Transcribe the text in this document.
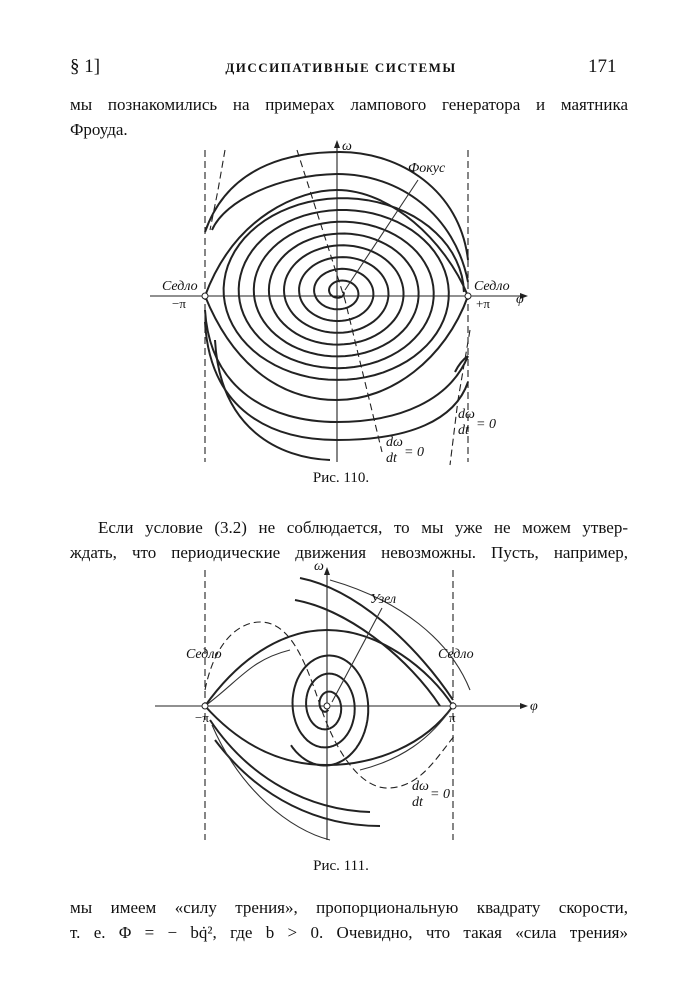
§ 1]	ДИССИПАТИВНЫЕ СИСТЕМЫ	171

мы познакомились на примерах лампового генератора и маятника

Фроуда.

ω
φ
Фокус
Седло
−π
Седло
+π
dω
dt = 0
dω
dt = 0
Рис. 110.

Если условие (3.2) не соблюдается, то мы уже не можем утвер-

ждать, что периодические движения невозможны. Пусть, например,

ω
φ
Узел
Седло	Седло
−π	π
dω
dt
= 0
Рис. 111.

мы имеем «силу трения», пропорциональную квадрату скорости,

т. е. Φ = − bq̇², где b > 0. Очевидно, что такая «сила трения»
